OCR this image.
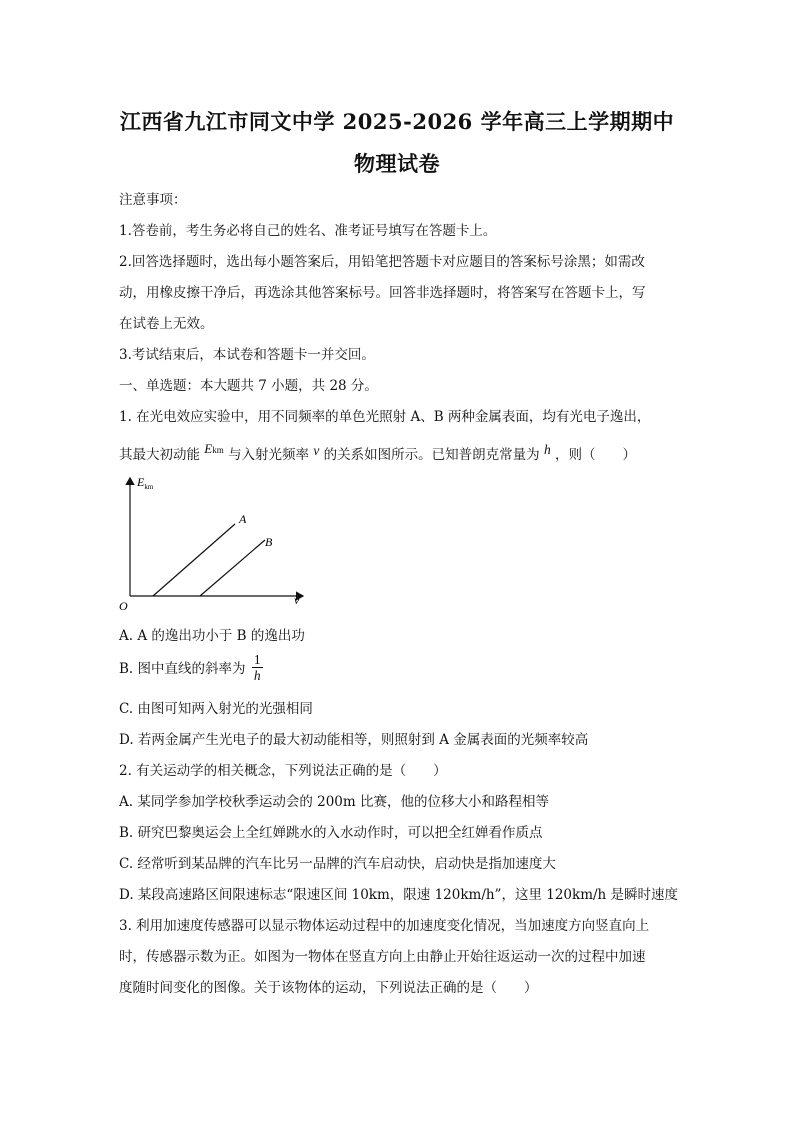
江西省九江市同文中学 2025-2026 学年高三上学期期中
物理试卷
注意事项：
1.答卷前，考生务必将自己的姓名、准考证号填写在答题卡上。
2.回答选择题时，选出每小题答案后，用铅笔把答题卡对应题目的答案标号涂黑；如需改
动，用橡皮擦干净后，再选涂其他答案标号。回答非选择题时，将答案写在答题卡上，写
在试卷上无效。
3.考试结束后，本试卷和答题卡一并交回。
一、单选题：本大题共 7 小题，共 28 分。
1. 在光电效应实验中，用不同频率的单色光照射 A、B 两种金属表面，均有光电子逸出，
其最大初动能 Ekm 与入射光频率 ν 的关系如图所示。已知普朗克常量为 h ，则（　　）
$E_{km}$
O	ν
A
B
A. A 的逸出功小于 B 的逸出功
B. 图中直线的斜率为 $\frac{1}{h}$
C. 由图可知两入射光的光强相同
D. 若两金属产生光电子的最大初动能相等，则照射到 A 金属表面的光频率较高
2. 有关运动学的相关概念，下列说法正确的是（　　）
A. 某同学参加学校秋季运动会的 200m 比赛，他的位移大小和路程相等
B. 研究巴黎奥运会上全红婵跳水的入水动作时，可以把全红婵看作质点
C. 经常听到某品牌的汽车比另一品牌的汽车启动快，启动快是指加速度大
D. 某段高速路区间限速标志“限速区间 10km，限速 120km/h”，这里 120km/h 是瞬时速度
3. 利用加速度传感器可以显示物体运动过程中的加速度变化情况，当加速度方向竖直向上
时，传感器示数为正。如图为一物体在竖直方向上由静止开始往返运动一次的过程中加速
度随时间变化的图像。关于该物体的运动，下列说法正确的是（　　）
